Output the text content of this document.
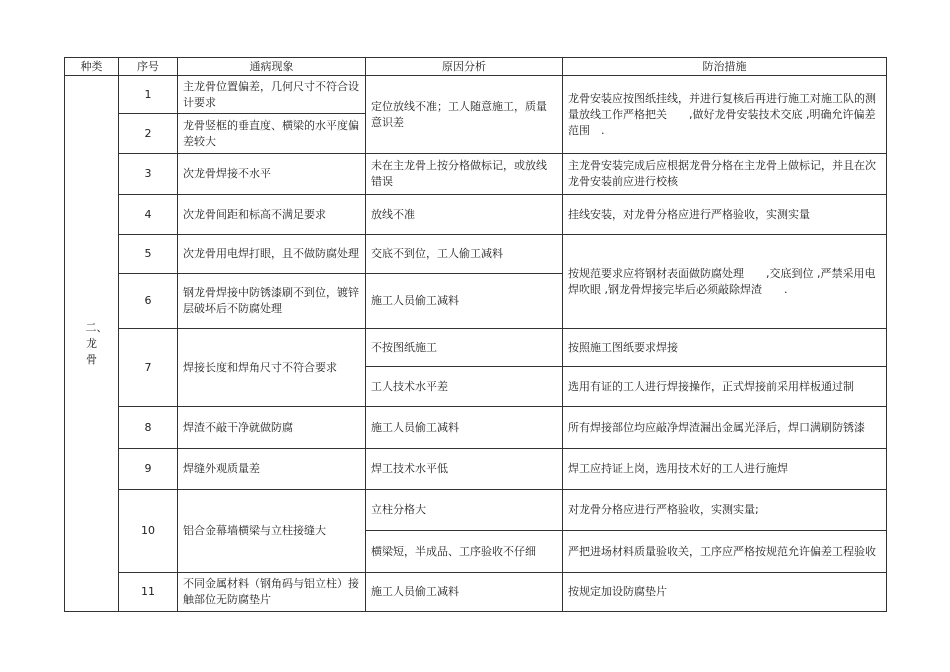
种类	序号	通病现象	原因分析	防治措施
二、龙骨	1	主龙骨位置偏差，几何尺寸不符合设计要求	定位放线不准；工人随意施工，质量意识差	龙骨安装应按图纸挂线，并进行复核后再进行施工对施工队的测量放线工作严格把关　　,做好龙骨安装技术交底 ,明确允许偏差范围　.
	2	龙骨竖框的垂直度、横梁的水平度偏差较大		
	3	次龙骨焊接不水平	未在主龙骨上按分格做标记，或放线错误	主龙骨安装完成后应根据龙骨分格在主龙骨上做标记，并且在次龙骨安装前应进行校核
	4	次龙骨间距和标高不满足要求	放线不准	挂线安装，对龙骨分格应进行严格验收，实测实量
	5	次龙骨用电焊打眼，且不做防腐处理	交底不到位，工人偷工减料	按规范要求应将钢材表面做防腐处理　　,交底到位 ,严禁采用电焊吹眼 ,钢龙骨焊接完毕后必须敲除焊渣　　.
	6	钢龙骨焊接中防锈漆刷不到位，镀锌层破坏后不防腐处理	施工人员偷工减料	
	7	焊接长度和焊角尺寸不符合要求	不按图纸施工	按照施工图纸要求焊接
			工人技术水平差	选用有证的工人进行焊接操作，正式焊接前采用样板通过制
	8	焊渣不敲干净就做防腐	施工人员偷工减料	所有焊接部位均应敲净焊渣漏出金属光泽后，焊口满刷防锈漆
	9	焊缝外观质量差	焊工技术水平低	焊工应持证上岗，选用技术好的工人进行施焊
	10	铝合金幕墙横梁与立柱接缝大	立柱分格大	对龙骨分格应进行严格验收，实测实量;
			横梁短，半成品、工序验收不仔细	严把进场材料质量验收关，工序应严格按规范允许偏差工程验收
	11	不同金属材料（钢角码与铝立柱）接触部位无防腐垫片	施工人员偷工减料	按规定加设防腐垫片
